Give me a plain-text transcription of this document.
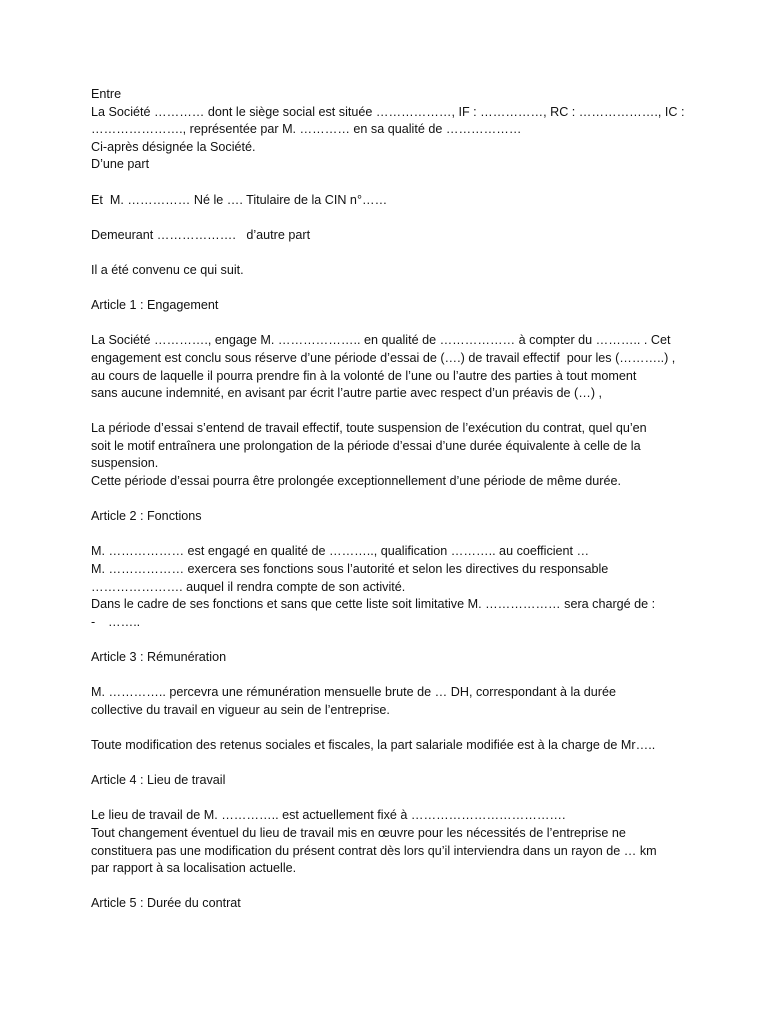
Entre

La Société ………… dont le siège social est située ………………, IF : ……………, RC : ………………., IC :

…………………., représentée par M. ………… en sa qualité de ………………

Ci-après désignée la Société.

D’une part

Et  M. …………… Né le …. Titulaire de la CIN n°……

Demeurant ……………….   d’autre part

Il a été convenu ce qui suit.

Article 1 : Engagement

La Société …………., engage M. ……………….. en qualité de ……………… à compter du ……….. . Cet

engagement est conclu sous réserve d’une période d’essai de (….) de travail effectif  pour les (………..) ,

au cours de laquelle il pourra prendre fin à la volonté de l’une ou l’autre des parties à tout moment

sans aucune indemnité, en avisant par écrit l’autre partie avec respect d’un préavis de (…) ,

La période d’essai s’entend de travail effectif, toute suspension de l’exécution du contrat, quel qu’en

soit le motif entraînera une prolongation de la période d’essai d’une durée équivalente à celle de la

suspension.

Cette période d’essai pourra être prolongée exceptionnellement d’une période de même durée.

Article 2 : Fonctions

M. ……………… est engagé en qualité de ……….., qualification ……….. au coefficient …

M. ……………… exercera ses fonctions sous l’autorité et selon les directives du responsable

…………………. auquel il rendra compte de son activité.

Dans le cadre de ses fonctions et sans que cette liste soit limitative M. ……………… sera chargé de :

-	……..

Article 3 : Rémunération

M. ………….. percevra une rémunération mensuelle brute de … DH, correspondant à la durée

collective du travail en vigueur au sein de l’entreprise.

Toute modification des retenus sociales et fiscales, la part salariale modifiée est à la charge de Mr…..

Article 4 : Lieu de travail

Le lieu de travail de M. ………….. est actuellement fixé à ……………………………….

Tout changement éventuel du lieu de travail mis en œuvre pour les nécessités de l’entreprise ne

constituera pas une modification du présent contrat dès lors qu’il interviendra dans un rayon de … km

par rapport à sa localisation actuelle.

Article 5 : Durée du contrat
